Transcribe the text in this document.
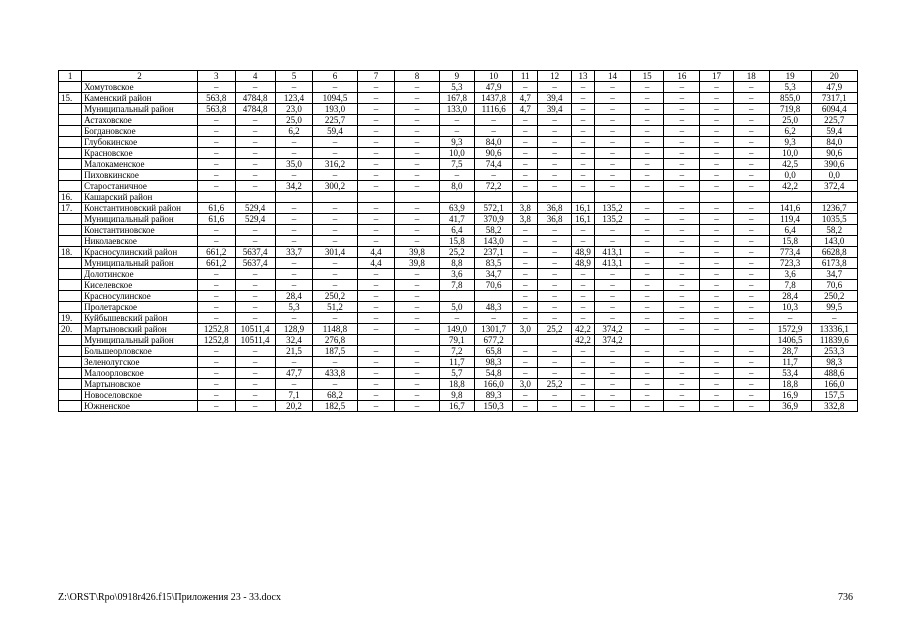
1	2	3	4	5	6	7	8	9	10	11	12	13	14	15	16	17	18	19	20
	Хомутовское	–	–	–	–	–	–	5,3	47,9	–	–	–	–	–	–	–	–	5,3	47,9
15.	Каменский район	563,8	4784,8	123,4	1094,5	–	–	167,8	1437,8	4,7	39,4	–	–	–	–	–	–	855,0	7317,1
	Муниципальный район	563,8	4784,8	23,0	193,0	–	–	133,0	1116,6	4,7	39,4	–	–	–	–	–	–	719,8	6094,4
	Астаховское	–	–	25,0	225,7	–	–	–	–	–	–	–	–	–	–	–	–	25,0	225,7
	Богдановское	–	–	6,2	59,4	–	–	–	–	–	–	–	–	–	–	–	–	6,2	59,4
	Глубокинское	–	–	–	–	–	–	9,3	84,0	–	–	–	–	–	–	–	–	9,3	84,0
	Красновское	–	–	–	–	–	–	10,0	90,6	–	–	–	–	–	–	–	–	10,0	90,6
	Малокаменское	–	–	35,0	316,2	–	–	7,5	74,4	–	–	–	–	–	–	–	–	42,5	390,6
	Пиховкинское	–	–	–	–	–	–	–	–	–	–	–	–	–	–	–	–	0,0	0,0
	Старостаничное	–	–	34,2	300,2	–	–	8,0	72,2	–	–	–	–	–	–	–	–	42,2	372,4
16.	Кашарский район																		
17.	Константиновский район	61,6	529,4	–	–	–	–	63,9	572,1	3,8	36,8	16,1	135,2	–	–	–	–	141,6	1236,7
	Муниципальный район	61,6	529,4	–	–	–	–	41,7	370,9	3,8	36,8	16,1	135,2	–	–	–	–	119,4	1035,5
	Константиновское	–	–	–	–	–	–	6,4	58,2	–	–	–	–	–	–	–	–	6,4	58,2
	Николаевское	–	–	–	–	–	–	15,8	143,0	–	–	–	–	–	–	–	–	15,8	143,0
18.	Красносулинский район	661,2	5637,4	33,7	301,4	4,4	39,8	25,2	237,1	–	–	48,9	413,1	–	–	–	–	773,4	6628,8
	Муниципальный район	661,2	5637,4	–	–	4,4	39,8	8,8	83,5	–	–	48,9	413,1	–	–	–	–	723,3	6173,8
	Долотинское	–	–	–	–	–	–	3,6	34,7	–	–	–	–	–	–	–	–	3,6	34,7
	Киселевское	–	–	–	–	–	–	7,8	70,6	–	–	–	–	–	–	–	–	7,8	70,6
	Красносулинское	–	–	28,4	250,2	–	–			–	–	–	–	–	–	–	–	28,4	250,2
	Пролетарское	–	–	5,3	51,2	–	–	5,0	48,3	–	–	–	–	–	–	–	–	10,3	99,5
19.	Куйбышевский район	–	–	–	–	–	–	–	–	–	–	–	–	–	–	–	–	–	–
20.	Мартыновский район	1252,8	10511,4	128,9	1148,8	–	–	149,0	1301,7	3,0	25,2	42,2	374,2	–	–	–	–	1572,9	13336,1
	Муниципальный район	1252,8	10511,4	32,4	276,8			79,1	677,2			42,2	374,2					1406,5	11839,6
	Большеорловское	–	–	21,5	187,5	–	–	7,2	65,8	–	–	–	–	–	–	–	–	28,7	253,3
	Зеленолугское	–	–	–	–	–	–	11,7	98,3	–	–	–	–	–	–	–	–	11,7	98,3
	Малоорловское	–	–	47,7	433,8	–	–	5,7	54,8	–	–	–	–	–	–	–	–	53,4	488,6
	Мартыновское	–	–	–	–	–	–	18,8	166,0	3,0	25,2	–	–	–	–	–	–	18,8	166,0
	Новоселовское	–	–	7,1	68,2	–	–	9,8	89,3	–	–	–	–	–	–	–	–	16,9	157,5
	Южненское	–	–	20,2	182,5	–	–	16,7	150,3	–	–	–	–	–	–	–	–	36,9	332,8
Z:\ORST\Rpo\0918r426.f15\Приложения 23 - 33.docx	736
